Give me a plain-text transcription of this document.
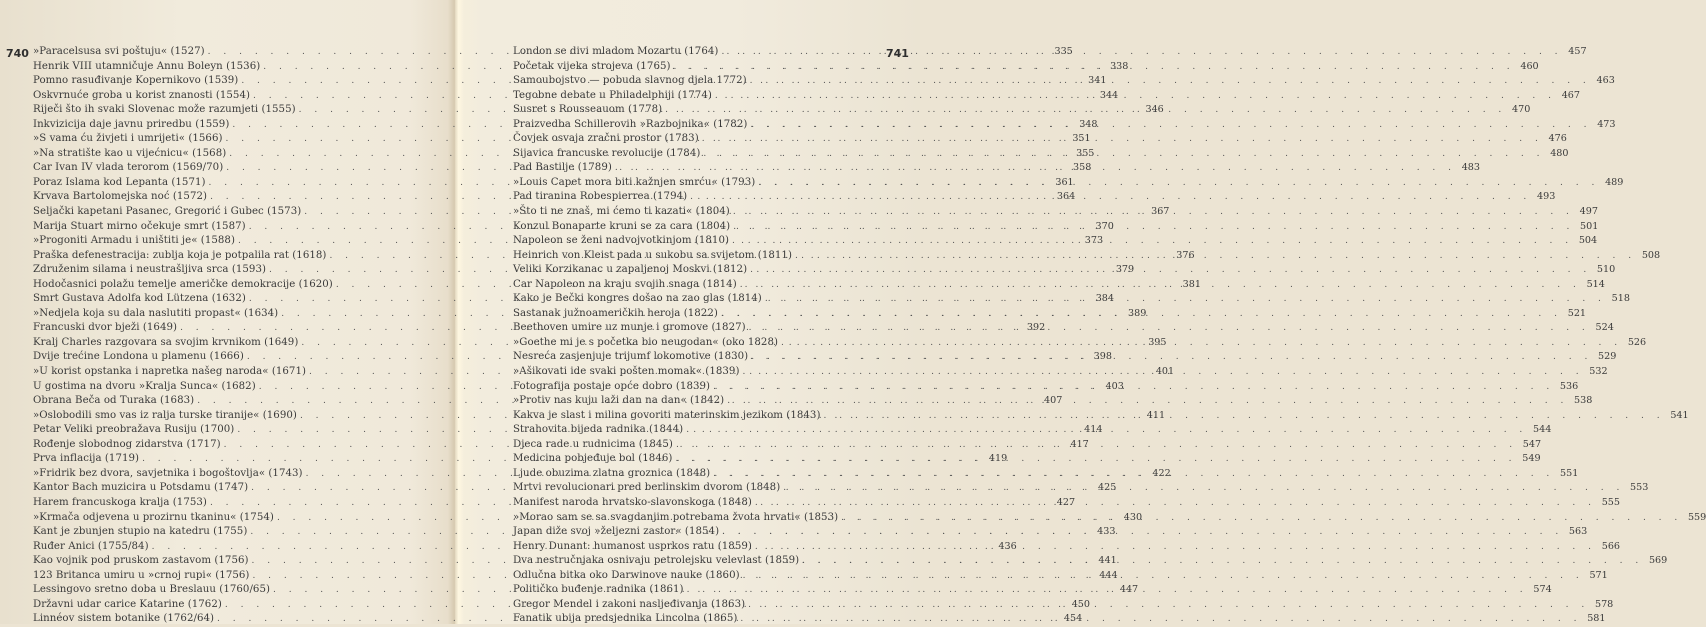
740	741
»Paracelsusa svi poštuju« (1527) . . .	335
Henrik VIII utamničuje Annu Boleyn (1536) . . .	338
Pomno rasuđivanje Kopernikovo (1539) . . .	341
Oskvrnuće groba u korist znanosti (1554) . . .	344
Riječi što ih svaki Slovenac može razumjeti (1555) . . .	346
Inkvizicija daje javnu priredbu (1559) . . .	348
»S vama ću živjeti i umrijeti« (1566) . . .	351
»Na stratište kao u vijećnicu« (1568) . . .	355
Car Ivan IV vlada terorom (1569/70) . . .	358
Poraz Islama kod Lepanta (1571) . . .	361
Krvava Bartolomejska noć (1572) . . .	364
Seljački kapetani Pasanec, Gregorić i Gubec (1573) . . .	367
Marija Stuart mirno očekuje smrt (1587) . . .	370
»Progoniti Armadu i uništiti je« (1588) . . .	373
Praška defenestracija: zublja koja je potpalila rat (1618) . . .	376
Združenim silama i neustrašljiva srca (1593) . . .	379
Hodočasnici polažu temelje američke demokracije (1620) . . .	381
Smrt Gustava Adolfa kod Lützena (1632) . . .	384
»Nedjela koja su dala naslutiti propast« (1634) . . .	389
Francuski dvor bježi (1649) . . .	392
Kralj Charles razgovara sa svojim krvnikom (1649) . . .	395
Dvije trećine Londona u plamenu (1666) . . .	398
»U korist opstanka i napretka našeg naroda« (1671) . . .	401
U gostima na dvoru »Kralja Sunca« (1682) . . .	403
Obrana Beča od Turaka (1683) . . .	407
»Oslobodili smo vas iz ralja turske tiranije« (1690) . . .	411
Petar Veliki preobražava Rusiju (1700) . . .	414
Rođenje slobodnog zidarstva (1717) . . .	417
Prva inflacija (1719) . . .	419
»Fridrik bez dvora, savjetnika i bogoštovlja« (1743) . . .	422
Kantor Bach muzicira u Potsdamu (1747) . . .	425
Harem francuskoga kralja (1753) . . .	427
»Krmača odjevena u prozirnu tkaninu« (1754) . . .	430
Kant je zbunjen stupio na katedru (1755) . . .	433
Ruđer Anici (1755/84) . . .	436
Kao vojnik pod pruskom zastavom (1756) . . .	441
123 Britanca umiru u »crnoj rupi« (1756) . . .	444
Lessingovo sretno doba u Breslauu (1760/65) . . .	447
Državni udar carice Katarine (1762) . . .	450
Linnéov sistem botanike (1762/64) . . .	454
London se divi mladom Mozartu (1764) . . .	457
Početak vijeka strojeva (1765) . . .	460
Samoubojstvo — pobuda slavnog djela 1772) . . .	463
Tegobne debate u Philadelphiji (1774) . . .	467
Susret s Rousseauom (1778) . . .	470
Praizvedba Schillerovih »Razbojnika« (1782) . . .	473
Čovjek osvaja zračni prostor (1783) . . .	476
Sijavica francuske revolucije (1784) . . .	480
Pad Bastilje (1789) . . .	483
»Louis Capet mora biti kažnjen smrću« (1793) . . .	489
Pad tiranina Robespierrea (1794) . . .	493
»Što ti ne znaš, mi ćemo ti kazati« (1804) . . .	497
Konzul Bonaparte kruni se za cara (1804) . . .	501
Napoleon se ženi nadvojvotkinjom (1810) . . .	504
Heinrich von Kleist pada u sukobu sa svijetom (1811) . . .	508
Veliki Korzikanac u zapaljenoj Moskvi (1812) . . .	510
Car Napoleon na kraju svojih snaga (1814) . . .	514
Kako je Bečki kongres došao na zao glas (1814) . . .	518
Sastanak južnoameričkih heroja (1822) . . .	521
Beethoven umire uz munje i gromove (1827) . . .	524
»Goethe mi je s početka bio neugodan« (oko 1828) . . .	526
Nesreća zasjenjuje trijumf lokomotive (1830) . . .	529
»Ašikovati ide svaki pošten momak« (1839) . . .	532
Fotografija postaje opće dobro (1839) . . .	536
»Protiv nas kuju laži dan na dan« (1842) . . .	538
Kakva je slast i milina govoriti materinskim jezikom (1843) . . .	541
Strahovita bijeda radnika (1844) . . .	544
Djeca rade u rudnicima (1845) . . .	547
Medicina pobjeđuje bol (1846) . . .	549
Ljude obuzima zlatna groznica (1848) . . .	551
Mrtvi revolucionari pred berlinskim dvorom (1848) . . .	553
Manifest naroda hrvatsko-slavonskoga (1848) . . .	555
»Morao sam se sa svagdanjim potrebama žvota hrvati« (1853) . . .	559
Japan diže svoj »željezni zastor« (1854) . . .	563
Henry Dunant: humanost usprkos ratu (1859) . . .	566
Dva nestručnjaka osnivaju petrolejsku velevlast (1859) . . .	569
Odlučna bitka oko Darwinove nauke (1860) . . .	571
Političko buđenje radnika (1861) . . .	574
Gregor Mendel i zakoni nasljeđivanja (1863) . . .	578
Fanatik ubija predsjednika Lincolna (1865) . . .	581
